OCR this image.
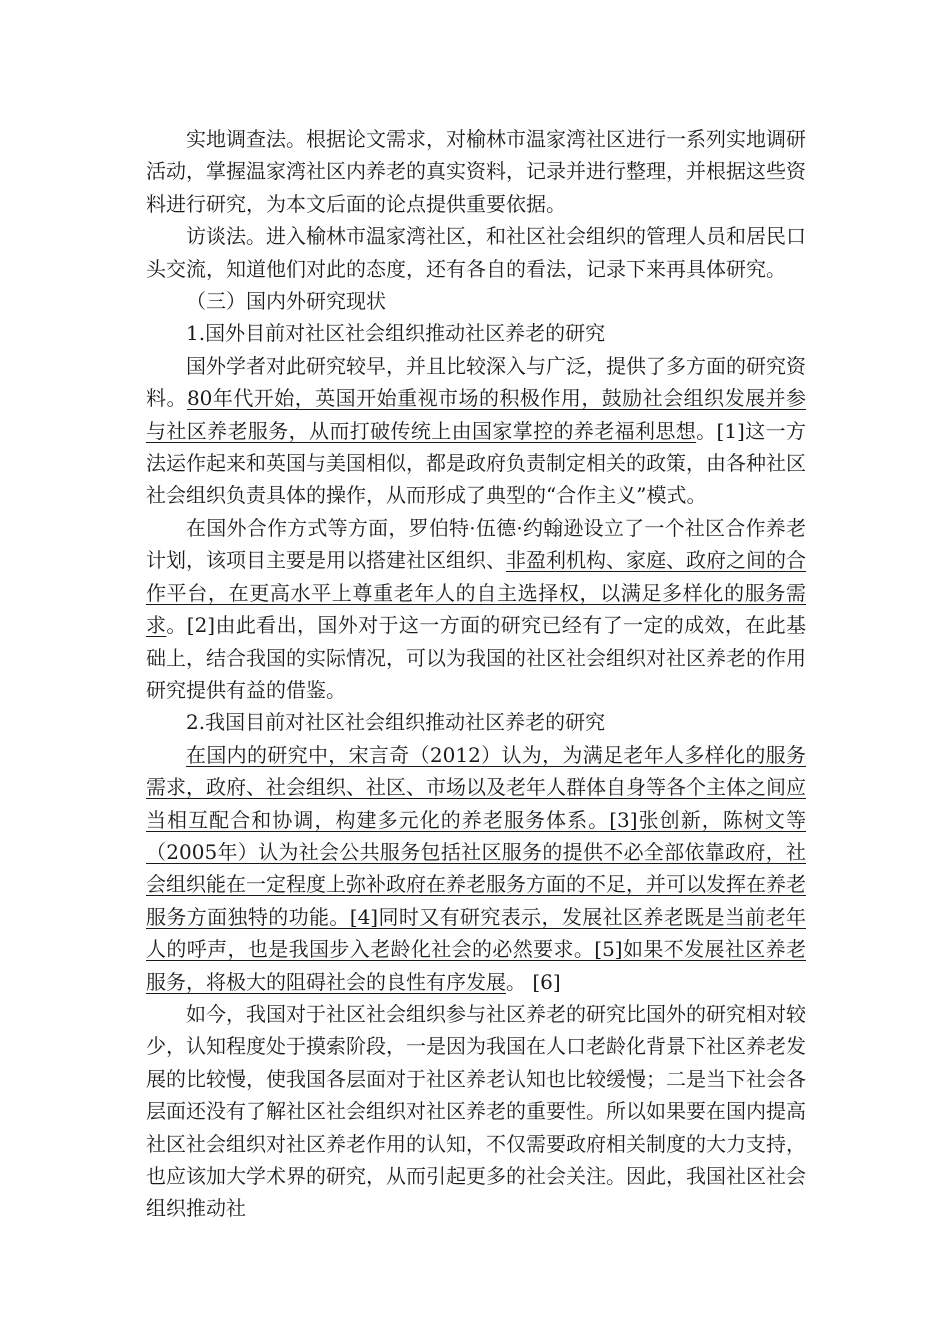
实地调查法。根据论文需求，对榆林市温家湾社区进行一系列实地调研活动，掌握温家湾社区内养老的真实资料，记录并进行整理，并根据这些资料进行研究，为本文后面的论点提供重要依据。

访谈法。进入榆林市温家湾社区，和社区社会组织的管理人员和居民口头交流，知道他们对此的态度，还有各自的看法，记录下来再具体研究。

（三）国内外研究现状

1.国外目前对社区社会组织推动社区养老的研究

国外学者对此研究较早，并且比较深入与广泛，提供了多方面的研究资料。80年代开始，英国开始重视市场的积极作用，鼓励社会组织发展并参与社区养老服务，从而打破传统上由国家掌控的养老福利思想。[1]这一方法运作起来和英国与美国相似，都是政府负责制定相关的政策，由各种社区社会组织负责具体的操作，从而形成了典型的“合作主义”模式。

在国外合作方式等方面，罗伯特·伍德·约翰逊设立了一个社区合作养老计划，该项目主要是用以搭建社区组织、非盈利机构、家庭、政府之间的合作平台，在更高水平上尊重老年人的自主选择权，以满足多样化的服务需求。[2]由此看出，国外对于这一方面的研究已经有了一定的成效，在此基础上，结合我国的实际情况，可以为我国的社区社会组织对社区养老的作用研究提供有益的借鉴。

2.我国目前对社区社会组织推动社区养老的研究

在国内的研究中，宋言奇（2012）认为，为满足老年人多样化的服务需求，政府、社会组织、社区、市场以及老年人群体自身等各个主体之间应当相互配合和协调，构建多元化的养老服务体系。[3]张创新，陈树文等（2005年）认为社会公共服务包括社区服务的提供不必全部依靠政府，社会组织能在一定程度上弥补政府在养老服务方面的不足，并可以发挥在养老服务方面独特的功能。[4]同时又有研究表示，发展社区养老既是当前老年人的呼声，也是我国步入老龄化社会的必然要求。[5]如果不发展社区养老服务，将极大的阻碍社会的良性有序发展。 [6]

如今，我国对于社区社会组织参与社区养老的研究比国外的研究相对较少，认知程度处于摸索阶段，一是因为我国在人口老龄化背景下社区养老发展的比较慢，使我国各层面对于社区养老认知也比较缓慢；二是当下社会各层面还没有了解社区社会组织对社区养老的重要性。所以如果要在国内提高社区社会组织对社区养老作用的认知，不仅需要政府相关制度的大力支持，也应该加大学术界的研究，从而引起更多的社会关注。因此，我国社区社会组织推动社
